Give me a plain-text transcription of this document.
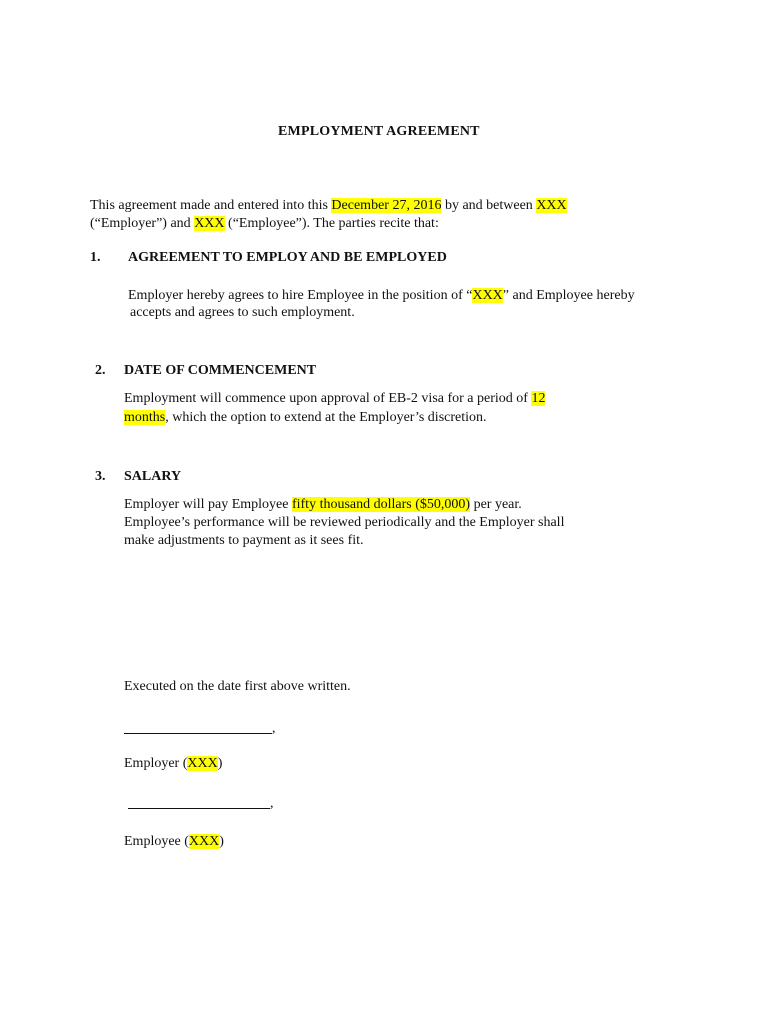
EMPLOYMENT AGREEMENT
This agreement made and entered into this December 27, 2016 by and between XXX
(“Employer”) and XXX (“Employee”). The parties recite that:
1. AGREEMENT TO EMPLOY AND BE EMPLOYED
Employer hereby agrees to hire Employee in the position of “XXX” and Employee hereby
accepts and agrees to such employment.
2. DATE OF COMMENCEMENT
Employment will commence upon approval of EB-2 visa for a period of 12
months, which the option to extend at the Employer’s discretion.
3. SALARY
Employer will pay Employee fifty thousand dollars ($50,000) per year.
Employee’s performance will be reviewed periodically and the Employer shall
make adjustments to payment as it sees fit.
Executed on the date first above written.
,
Employer (XXX)
,
Employee (XXX)
